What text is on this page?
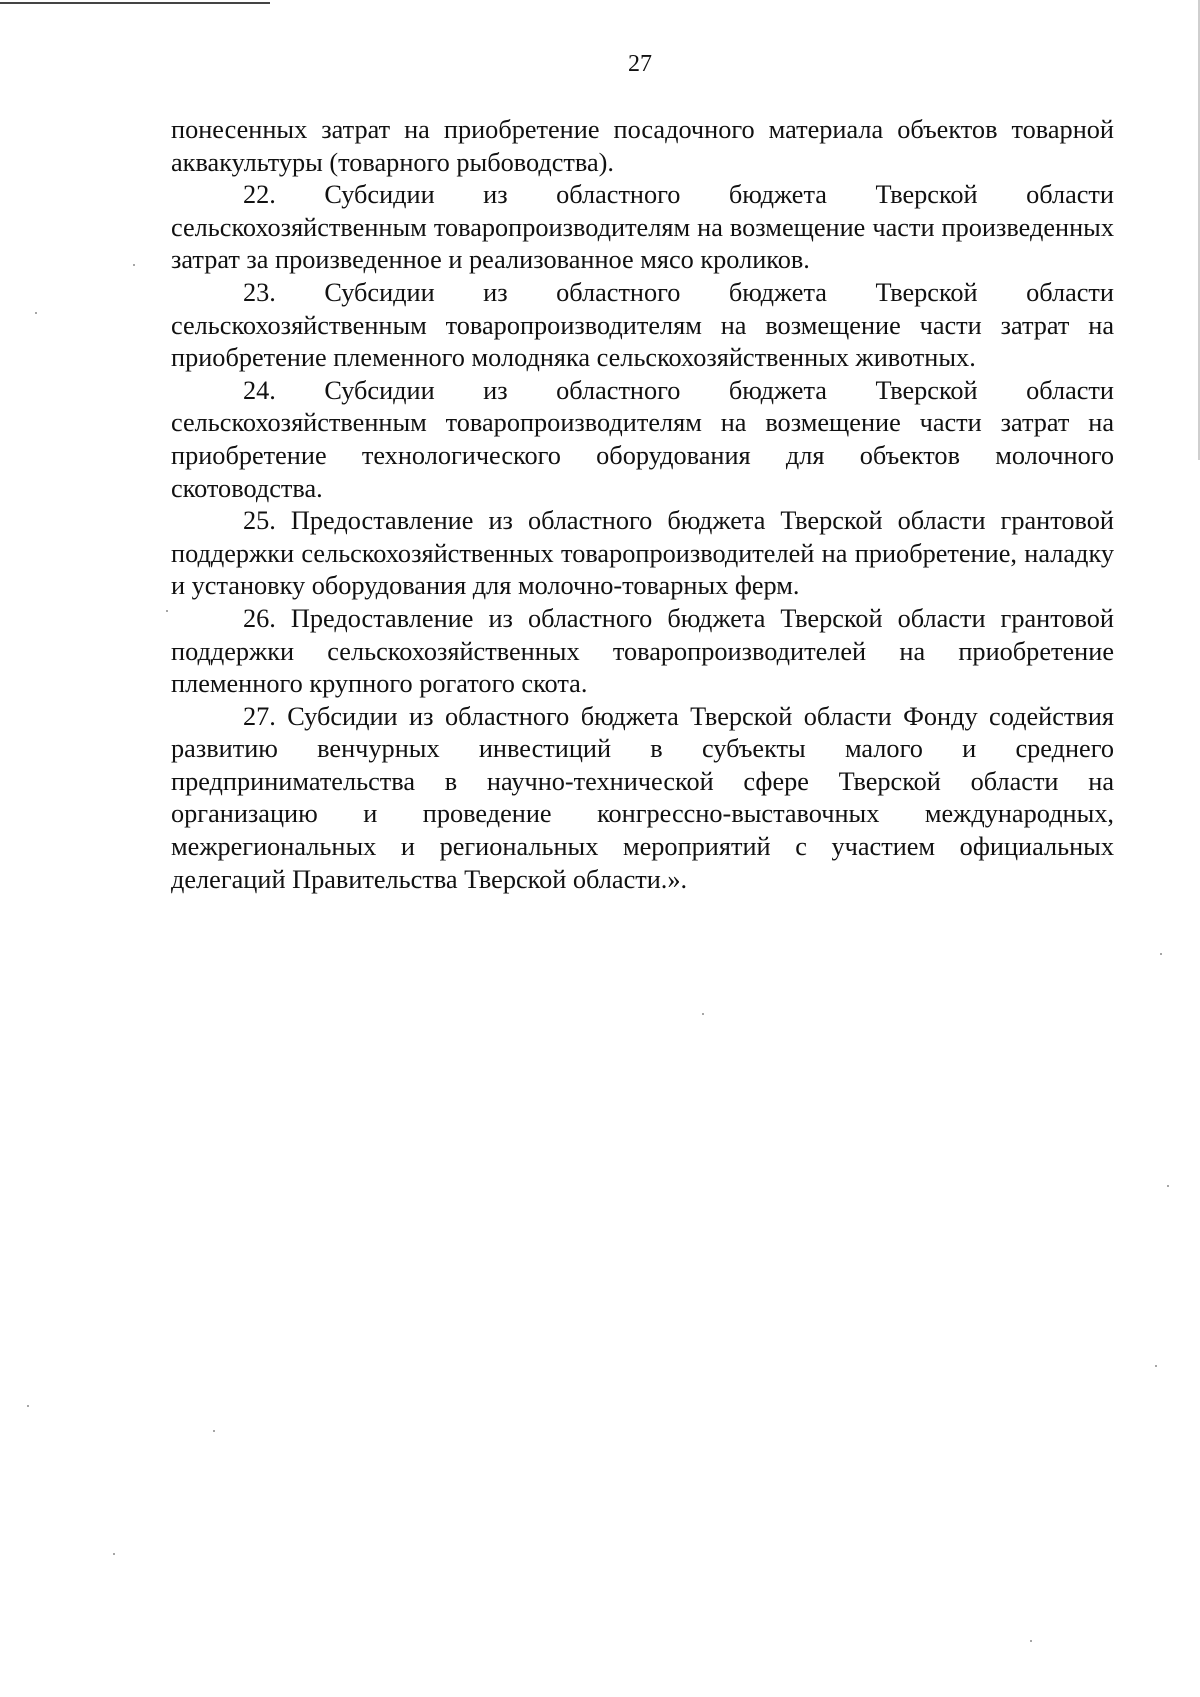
27

понесенных затрат на приобретение посадочного материала объектов товарной аквакультуры (товарного рыбоводства).

22. Субсидии из областного бюджета Тверской области сельскохозяйственным товаропроизводителям на возмещение части произведенных затрат за произведенное и реализованное мясо кроликов.

23. Субсидии из областного бюджета Тверской области сельскохозяйственным товаропроизводителям на возмещение части затрат на приобретение племенного молодняка сельскохозяйственных животных.

24. Субсидии из областного бюджета Тверской области сельскохозяйственным товаропроизводителям на возмещение части затрат на приобретение технологического оборудования для объектов молочного скотоводства.

25. Предоставление из областного бюджета Тверской области грантовой поддержки сельскохозяйственных товаропроизводителей на приобретение, наладку и установку оборудования для молочно-товарных ферм.

26. Предоставление из областного бюджета Тверской области грантовой поддержки сельскохозяйственных товаропроизводителей на приобретение племенного крупного рогатого скота.

27. Субсидии из областного бюджета Тверской области Фонду содействия развитию венчурных инвестиций в субъекты малого и среднего предпринимательства в научно-технической сфере Тверской области на организацию и проведение конгрессно-выставочных международных, межрегиональных и региональных мероприятий с участием официальных делегаций Правительства Тверской области.».
